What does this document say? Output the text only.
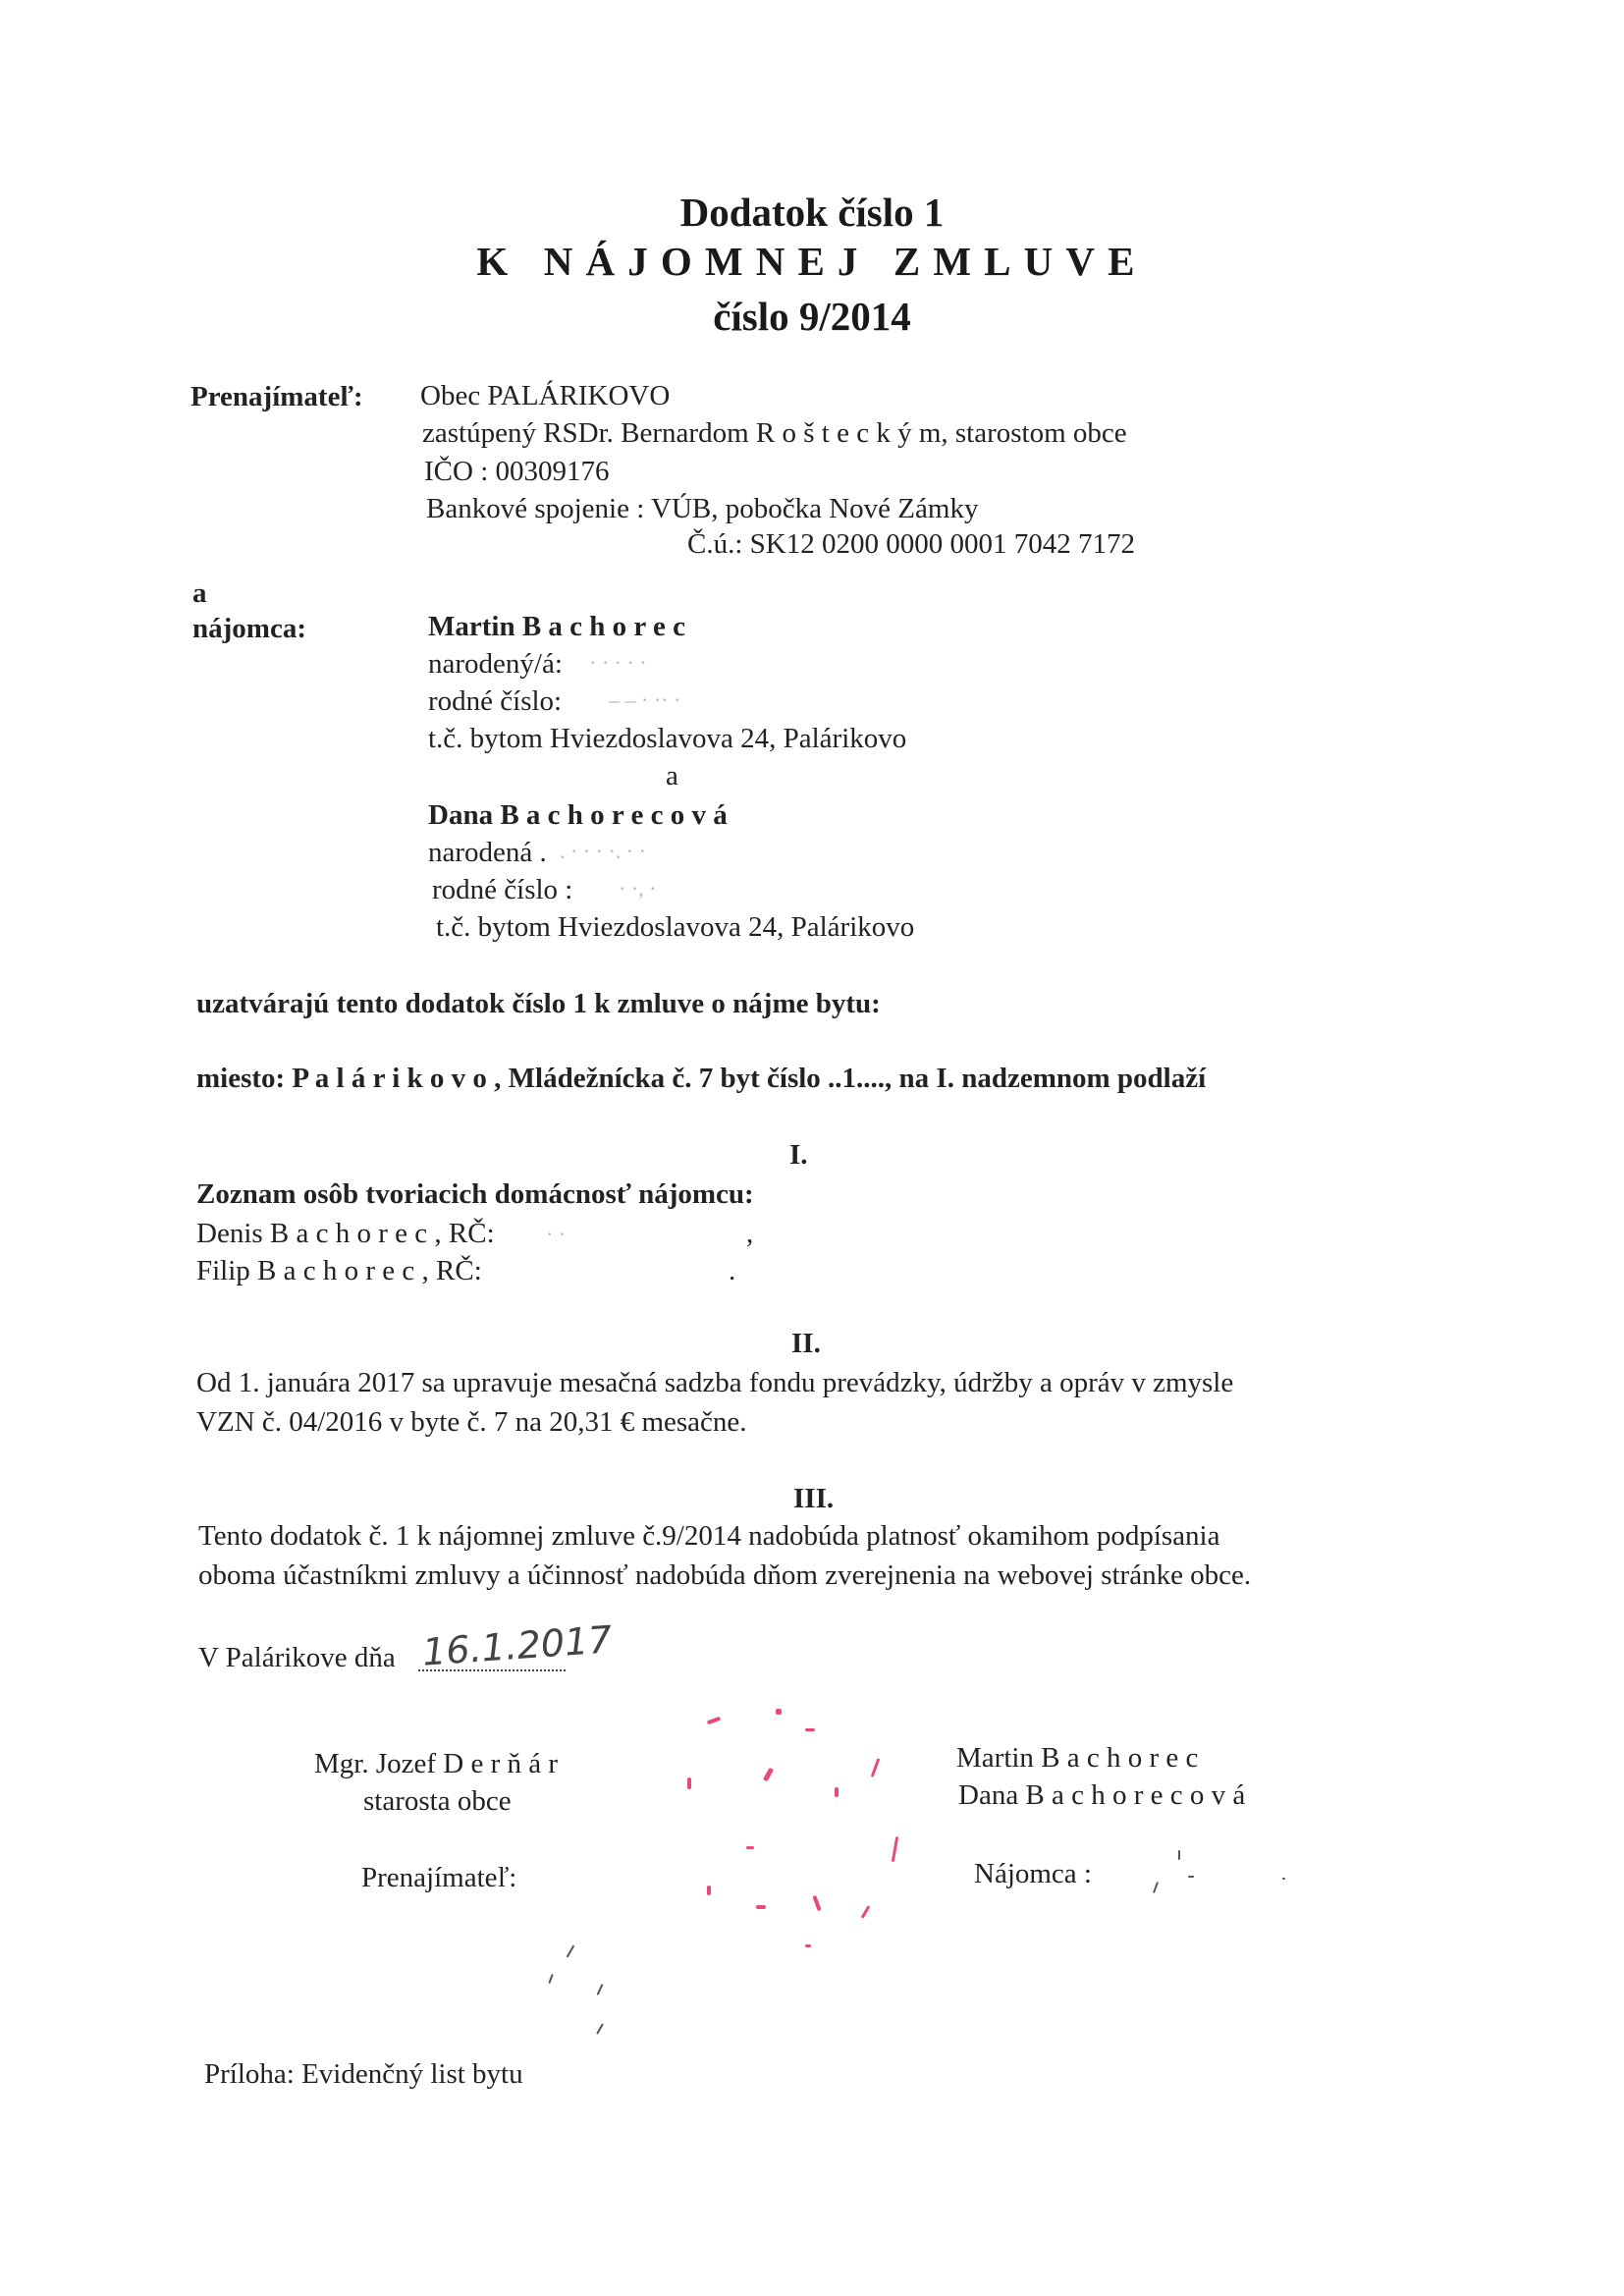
Dodatok číslo 1
K NÁJOMNEJ ZMLUVE
číslo 9/2014
Prenajímateľ: Obec PALÁRIKOVO
zastúpený RSDr. Bernardom R o š t e c k ý m, starostom obce
IČO : 00309176
Bankové spojenie : VÚB, pobočka Nové Zámky
Č.ú.: SK12 0200 0000 0001 7042 7172
a
nájomca:	Martin B a c h o r e c
narodený/á: · · · · ·
rodné číslo: – – · ·· ·
t.č. bytom Hviezdoslavova 24, Palárikovo
a
Dana B a c h o r e c o v á
narodená . . · · · ·. · ·
rodné číslo : · ·, ·
t.č. bytom Hviezdoslavova 24, Palárikovo
uzatvárajú tento dodatok číslo 1 k zmluve o nájme bytu:
miesto: P a l á r i k o v o , Mládežnícka č. 7 byt číslo ..1...., na I. nadzemnom podlaží
I.
Zoznam osôb tvoriacich domácnosť nájomcu:
Denis B a c h o r e c , RČ: · ·	,
Filip B a c h o r e c , RČ:	.
II.
Od 1. januára 2017 sa upravuje mesačná sadzba fondu prevádzky, údržby a opráv v zmysle
VZN č. 04/2016 v byte č. 7 na 20,31 € mesačne.
III.
Tento dodatok č. 1 k nájomnej zmluve č.9/2014 nadobúda platnosť okamihom podpísania
oboma účastníkmi zmluvy a účinnosť nadobúda dňom zverejnenia na webovej stránke obce.
V Palárikove dňa 16.1.2017
Mgr. Jozef D e r ň á r
starosta obce
Prenajímateľ:
Martin B a c h o r e c
Dana B a c h o r e c o v á
Nájomca :
Príloha: Evidenčný list bytu
